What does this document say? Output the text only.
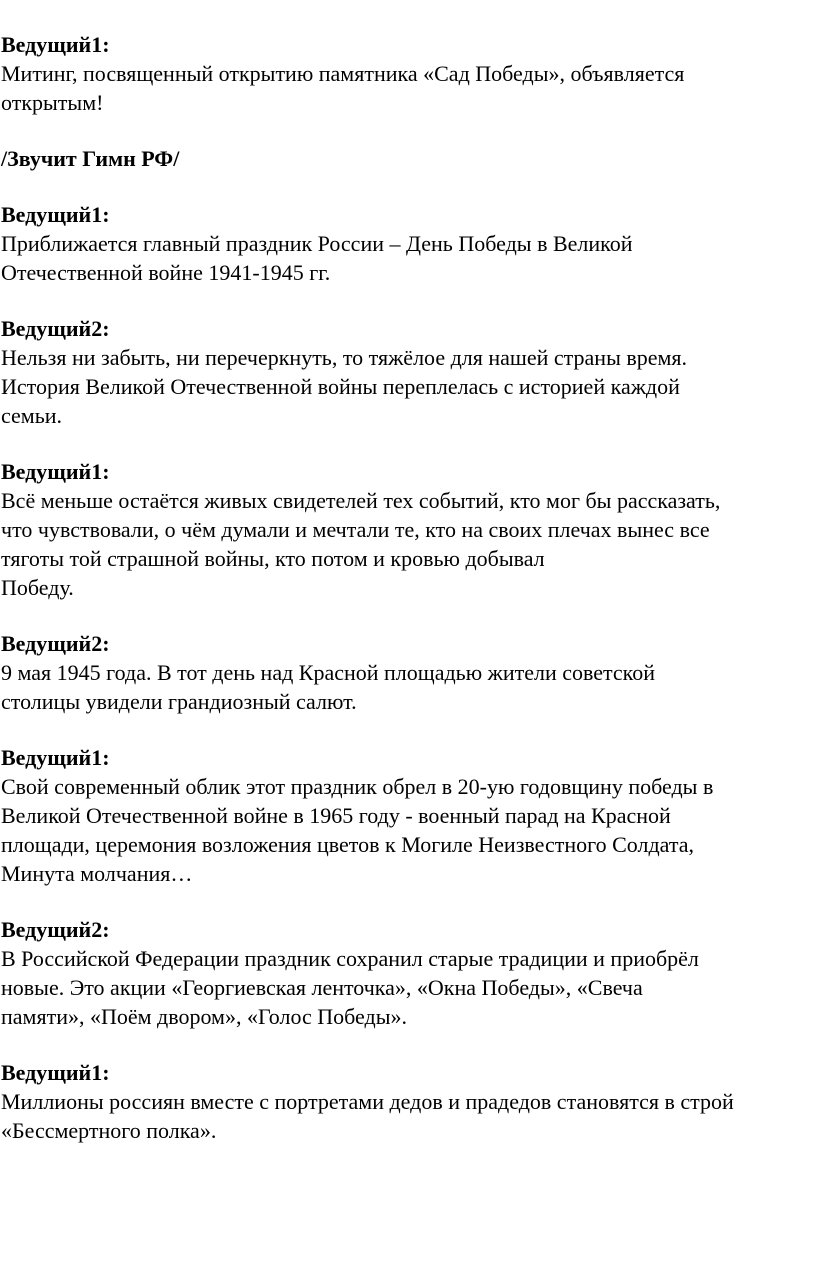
Ведущий1:
Митинг, посвященный открытию памятника «Сад Победы», объявляется
открытым!
/Звучит Гимн РФ/
Ведущий1:
Приближается главный праздник России – День Победы в Великой
Отечественной войне 1941-1945 гг.
Ведущий2:
Нельзя ни забыть, ни перечеркнуть, то тяжёлое для нашей страны время.
История Великой Отечественной войны переплелась с историей каждой
семьи.
Ведущий1:
Всё меньше остаётся живых свидетелей тех событий, кто мог бы рассказать,
что чувствовали, о чём думали и мечтали те, кто на своих плечах вынес все
тяготы той страшной войны, кто потом и кровью добывал
Победу.
Ведущий2:
9 мая 1945 года. В тот день над Красной площадью жители советской
столицы увидели грандиозный салют.
Ведущий1:
Свой современный облик этот праздник обрел в 20-ую годовщину победы в
Великой Отечественной войне в 1965 году - военный парад на Красной
площади, церемония возложения цветов к Могиле Неизвестного Солдата,
Минута молчания…
Ведущий2:
В Российской Федерации праздник сохранил старые традиции и приобрёл
новые. Это акции «Георгиевская ленточка», «Окна Победы», «Свеча
памяти», «Поём двором», «Голос Победы».
Ведущий1:
Миллионы россиян вместе с портретами дедов и прадедов становятся в строй
«Бессмертного полка».
